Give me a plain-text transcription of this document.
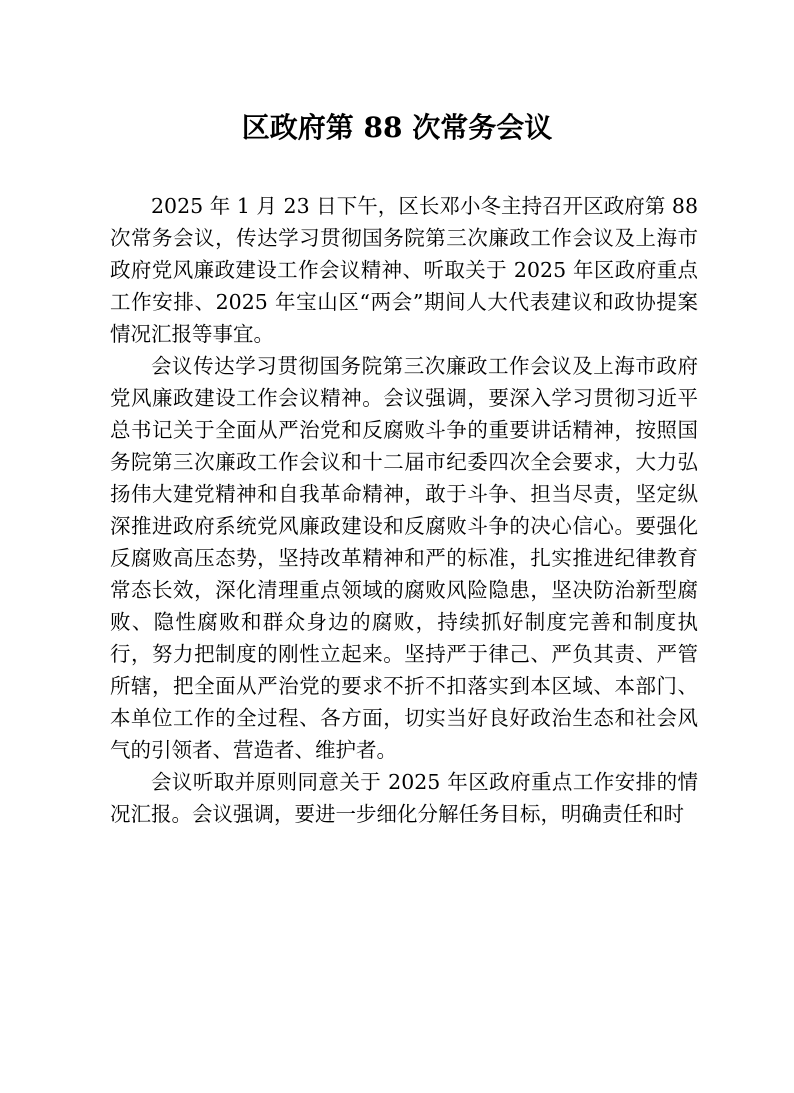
区政府第 88 次常务会议

2025 年 1 月 23 日下午，区长邓小冬主持召开区政府第 88 次常务会议，传达学习贯彻国务院第三次廉政工作会议及上海市政府党风廉政建设工作会议精神、听取关于 2025 年区政府重点工作安排、2025 年宝山区“两会”期间人大代表建议和政协提案情况汇报等事宜。

会议传达学习贯彻国务院第三次廉政工作会议及上海市政府党风廉政建设工作会议精神。会议强调，要深入学习贯彻习近平总书记关于全面从严治党和反腐败斗争的重要讲话精神，按照国务院第三次廉政工作会议和十二届市纪委四次全会要求，大力弘扬伟大建党精神和自我革命精神，敢于斗争、担当尽责，坚定纵深推进政府系统党风廉政建设和反腐败斗争的决心信心。要强化反腐败高压态势，坚持改革精神和严的标准，扎实推进纪律教育常态长效，深化清理重点领域的腐败风险隐患，坚决防治新型腐败、隐性腐败和群众身边的腐败，持续抓好制度完善和制度执行，努力把制度的刚性立起来。坚持严于律己、严负其责、严管所辖，把全面从严治党的要求不折不扣落实到本区域、本部门、本单位工作的全过程、各方面，切实当好良好政治生态和社会风气的引领者、营造者、维护者。

会议听取并原则同意关于 2025 年区政府重点工作安排的情况汇报。会议强调，要进一步细化分解任务目标，明确责任和时
